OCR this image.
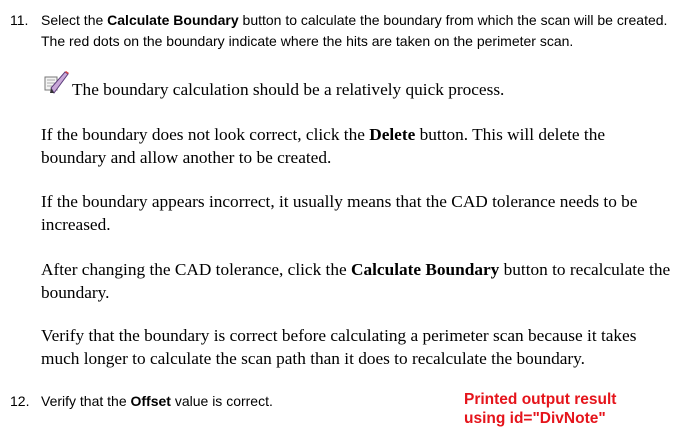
11. Select the Calculate Boundary button to calculate the boundary from which the scan will be created. The red dots on the boundary indicate where the hits are taken on the perimeter scan.
The boundary calculation should be a relatively quick process.
If the boundary does not look correct, click the Delete button. This will delete the boundary and allow another to be created.
If the boundary appears incorrect, it usually means that the CAD tolerance needs to be increased.
After changing the CAD tolerance, click the Calculate Boundary button to recalculate the boundary.
Verify that the boundary is correct before calculating a perimeter scan because it takes much longer to calculate the scan path than it does to recalculate the boundary.
12. Verify that the Offset value is correct.	Printed output result
using id="DivNote"
